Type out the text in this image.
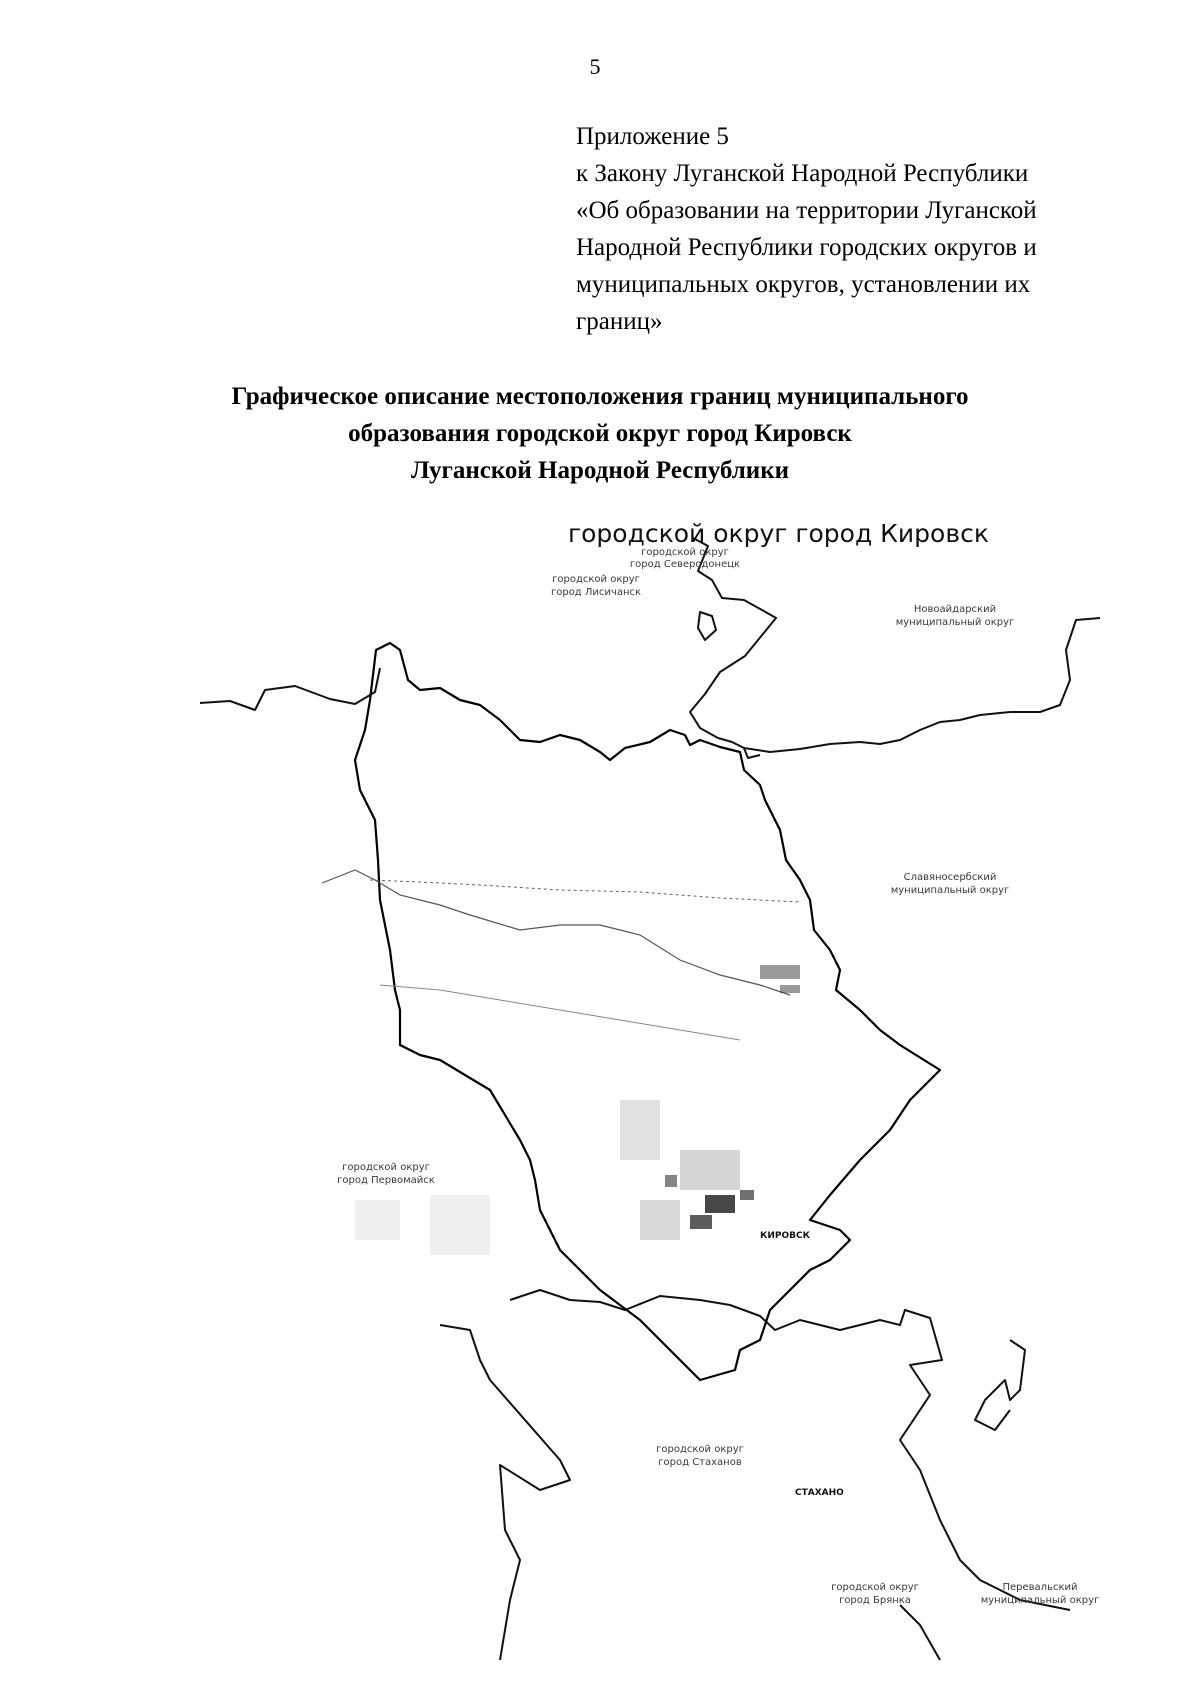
5
Приложение 5
к Закону Луганской Народной Республики
«Об образовании на территории Луганской
Народной Республики городских округов и
муниципальных округов, установлении их
границ»
Графическое описание местоположения границ муниципального
образования городской округ город Кировск
Луганской Народной Республики
городской округ город Кировск
городской округ
город Северодонецк
городской округ
город Лисичанск
Новоайдарский
муниципальный округ
Славяносербский
муниципальный округ
городской округ
город Первомайск
городской округ
город Стаханов
городской округ
город Брянка
Перевальский
муниципальный округ
КИРОВСК
СТАХАНО
